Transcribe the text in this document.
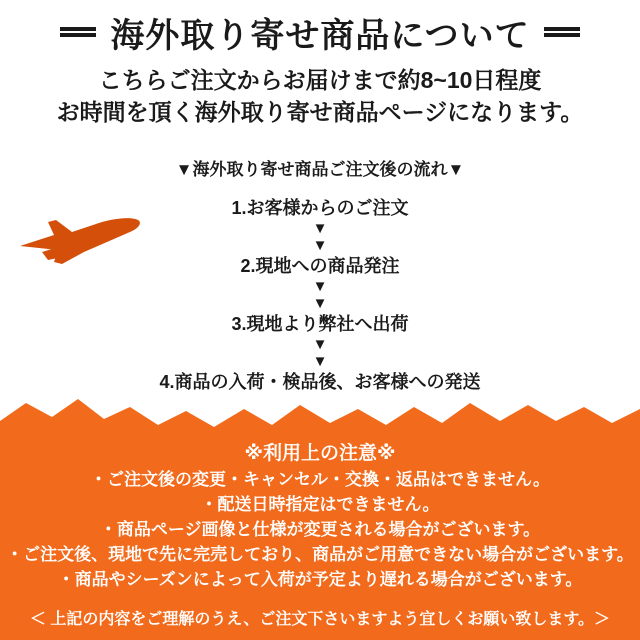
海外取り寄せ商品について
こちらご注文からお届けまで約8~10日程度
お時間を頂く海外取り寄せ商品ページになります。
▼海外取り寄せ商品ご注文後の流れ▼
1.お客様からのご注文
▼
▼
2.現地への商品発注
▼
▼
3.現地より弊社へ出荷
▼
▼
4.商品の入荷・検品後、お客様への発送
※利用上の注意※
・ご注文後の変更・キャンセル・交換・返品はできません。
・配送日時指定はできません。
・商品ページ画像と仕様が変更される場合がございます。
・ご注文後、現地で先に完売しており、商品がご用意できない場合がございます。
・商品やシーズンによって入荷が予定より遅れる場合がございます。
＜ 上記の内容をご理解のうえ、ご注文下さいますよう宜しくお願い致します。＞
